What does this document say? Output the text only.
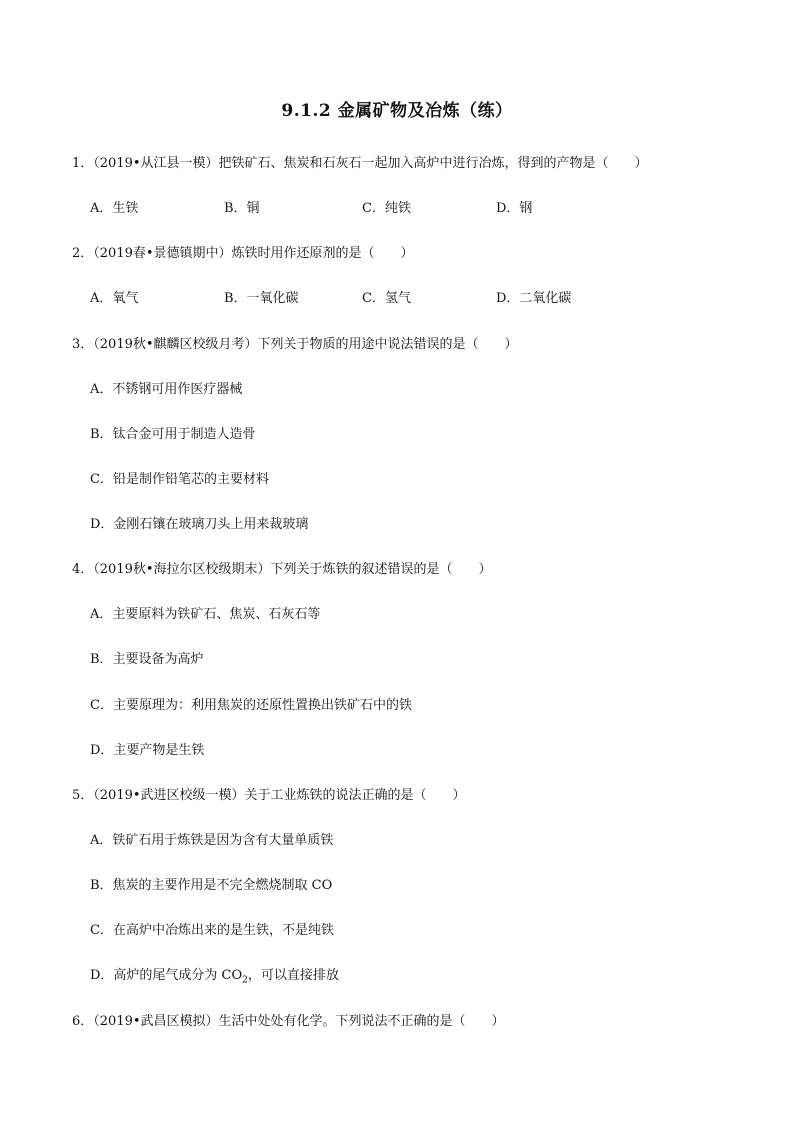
9.1.2 金属矿物及冶炼（练）
1．（2019•从江县一模）把铁矿石、焦炭和石灰石一起加入高炉中进行冶炼，得到的产物是（　　）
A．生铁	B．铜	C．纯铁	D．钢
2．（2019春•景德镇期中）炼铁时用作还原剂的是（　　）
A．氧气	B．一氧化碳	C．氢气	D．二氧化碳
3．（2019秋•麒麟区校级月考）下列关于物质的用途中说法错误的是（　　）
A．不锈钢可用作医疗器械
B．钛合金可用于制造人造骨
C．铅是制作铅笔芯的主要材料
D．金刚石镶在玻璃刀头上用来裁玻璃
4．（2019秋•海拉尔区校级期末）下列关于炼铁的叙述错误的是（　　）
A．主要原料为铁矿石、焦炭、石灰石等
B．主要设备为高炉
C．主要原理为：利用焦炭的还原性置换出铁矿石中的铁
D．主要产物是生铁
5．（2019•武进区校级一模）关于工业炼铁的说法正确的是（　　）
A．铁矿石用于炼铁是因为含有大量单质铁
B．焦炭的主要作用是不完全燃烧制取 CO
C．在高炉中冶炼出来的是生铁，不是纯铁
D．高炉的尾气成分为 $CO_2$，可以直接排放
6．（2019•武昌区模拟）生活中处处有化学。下列说法不正确的是（　　）
